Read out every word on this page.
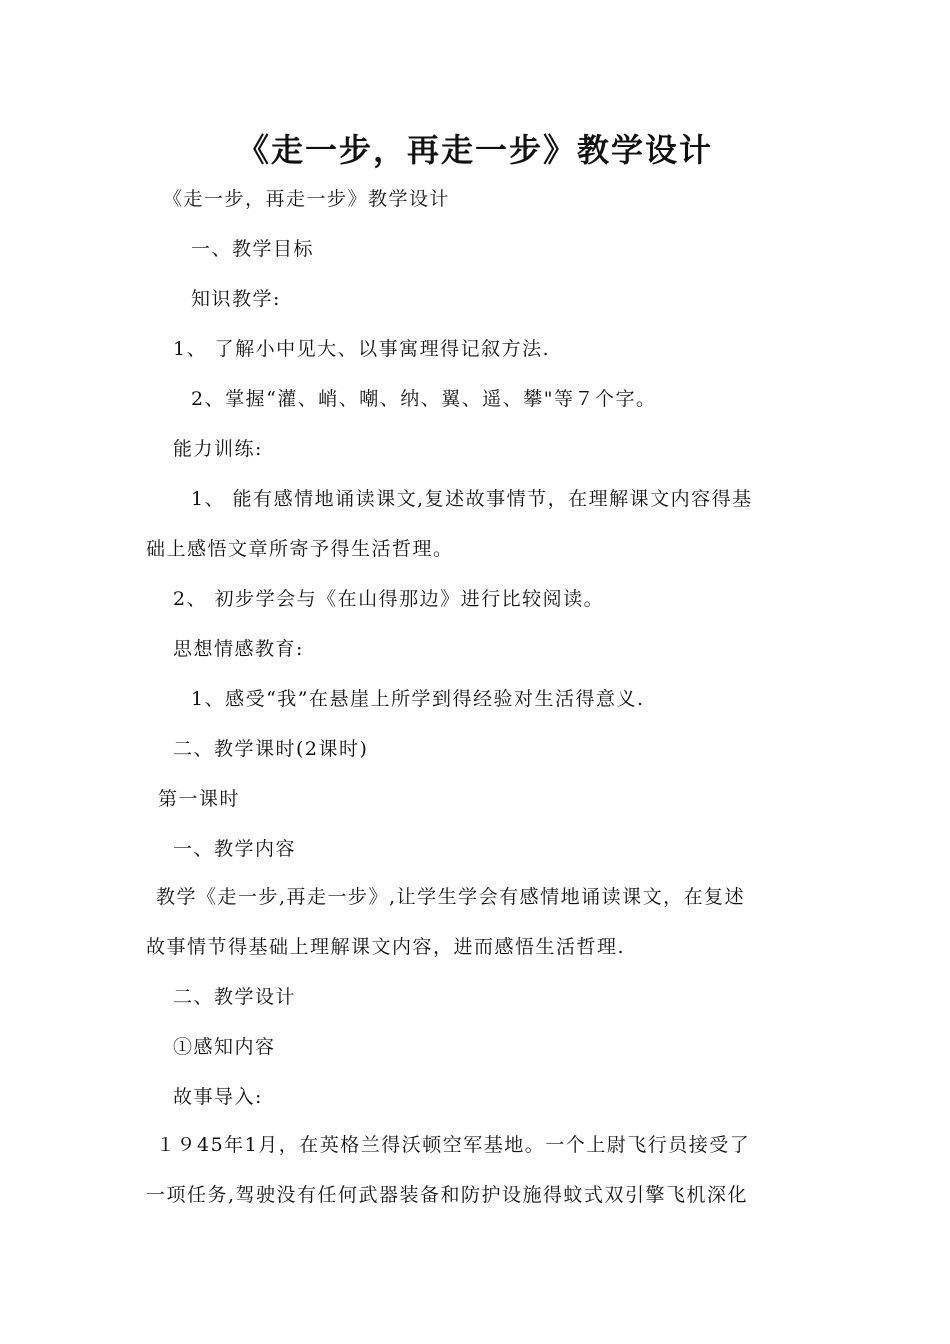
《走一步，再走一步》教学设计
《走一步，再走一步》教学设计
一、教学目标
知识教学:
1、 了解小中见大、以事寓理得记叙方法.
2、掌握“灌、峭、嘲、纳、翼、遥、攀"等７个字。
能力训练:
1、 能有感情地诵读课文,复述故事情节，在理解课文内容得基
础上感悟文章所寄予得生活哲理。
2、 初步学会与《在山得那边》进行比较阅读。
思想情感教育:
1、感受“我”在悬崖上所学到得经验对生活得意义.
二、教学课时(2课时)
第一课时
一、教学内容
教学《走一步,再走一步》,让学生学会有感情地诵读课文，在复述
故事情节得基础上理解课文内容，进而感悟生活哲理.
二、教学设计
①感知内容
故事导入:
１９45年1月，在英格兰得沃顿空军基地。一个上尉飞行员接受了
一项任务,驾驶没有任何武器装备和防护设施得蚊式双引擎飞机深化
